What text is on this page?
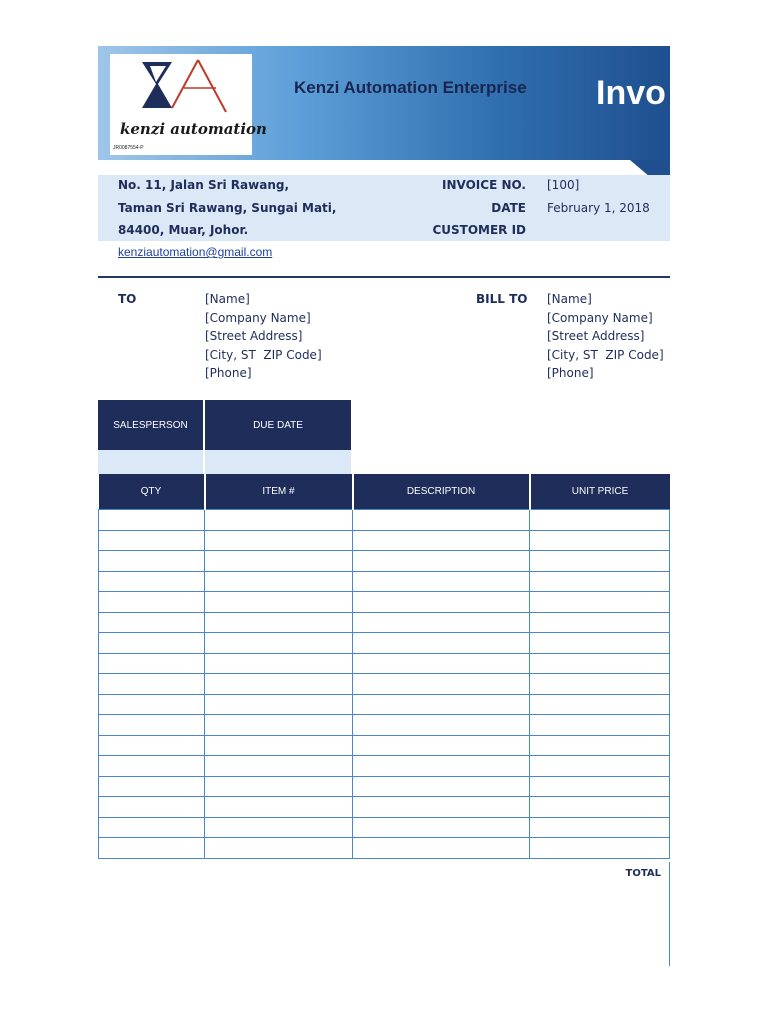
kenzi automation
JR0087554-P
Kenzi Automation Enterprise Invo
No. 11, Jalan Sri Rawang,
Taman Sri Rawang, Sungai Mati,
84400, Muar, Johor.
INVOICE NO. [100]
DATE February 1, 2018
CUSTOMER ID
kenziautomation@gmail.com
TO	[Name]
[Company Name]
[Street Address]
[City, ST  ZIP Code]
[Phone]
BILL TO [Name]
[Company Name]
[Street Address]
[City, ST  ZIP Code]
[Phone]
SALESPERSON	DUE DATE
QTY	ITEM #	DESCRIPTION	UNIT PRICE

TOTAL
